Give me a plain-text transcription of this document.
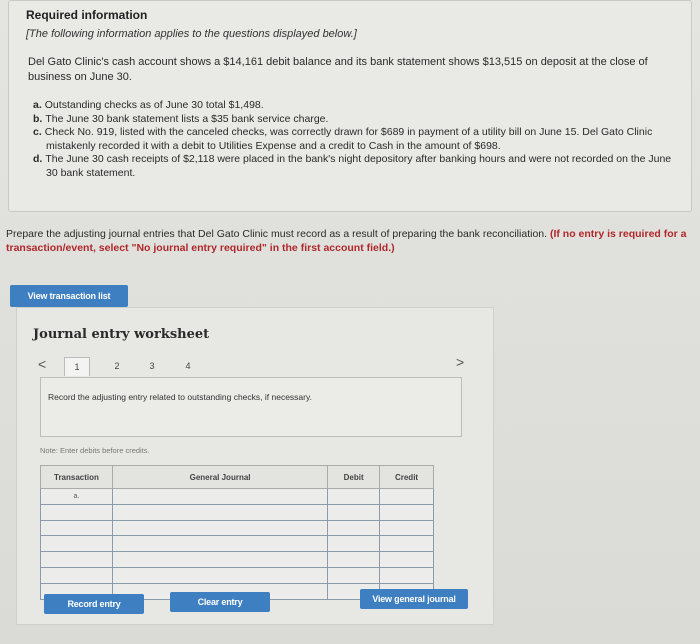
Required information
[The following information applies to the questions displayed below.]
Del Gato Clinic's cash account shows a $14,161 debit balance and its bank statement shows $13,515 on deposit at the close of business on June 30.
a. Outstanding checks as of June 30 total $1,498.
b. The June 30 bank statement lists a $35 bank service charge.
c. Check No. 919, listed with the canceled checks, was correctly drawn for $689 in payment of a utility bill on June 15. Del Gato Clinic mistakenly recorded it with a debit to Utilities Expense and a credit to Cash in the amount of $698.
d. The June 30 cash receipts of $2,118 were placed in the bank's night depository after banking hours and were not recorded on the June 30 bank statement.
Prepare the adjusting journal entries that Del Gato Clinic must record as a result of preparing the bank reconciliation. (If no entry is required for a transaction/event, select "No journal entry required" in the first account field.)
View transaction list
Journal entry worksheet
<	1	2	3	4	>
Record the adjusting entry related to outstanding checks, if necessary.
Note: Enter debits before credits.
Transaction	General Journal	Debit	Credit
a.			

Record entry	Clear entry	View general journal
